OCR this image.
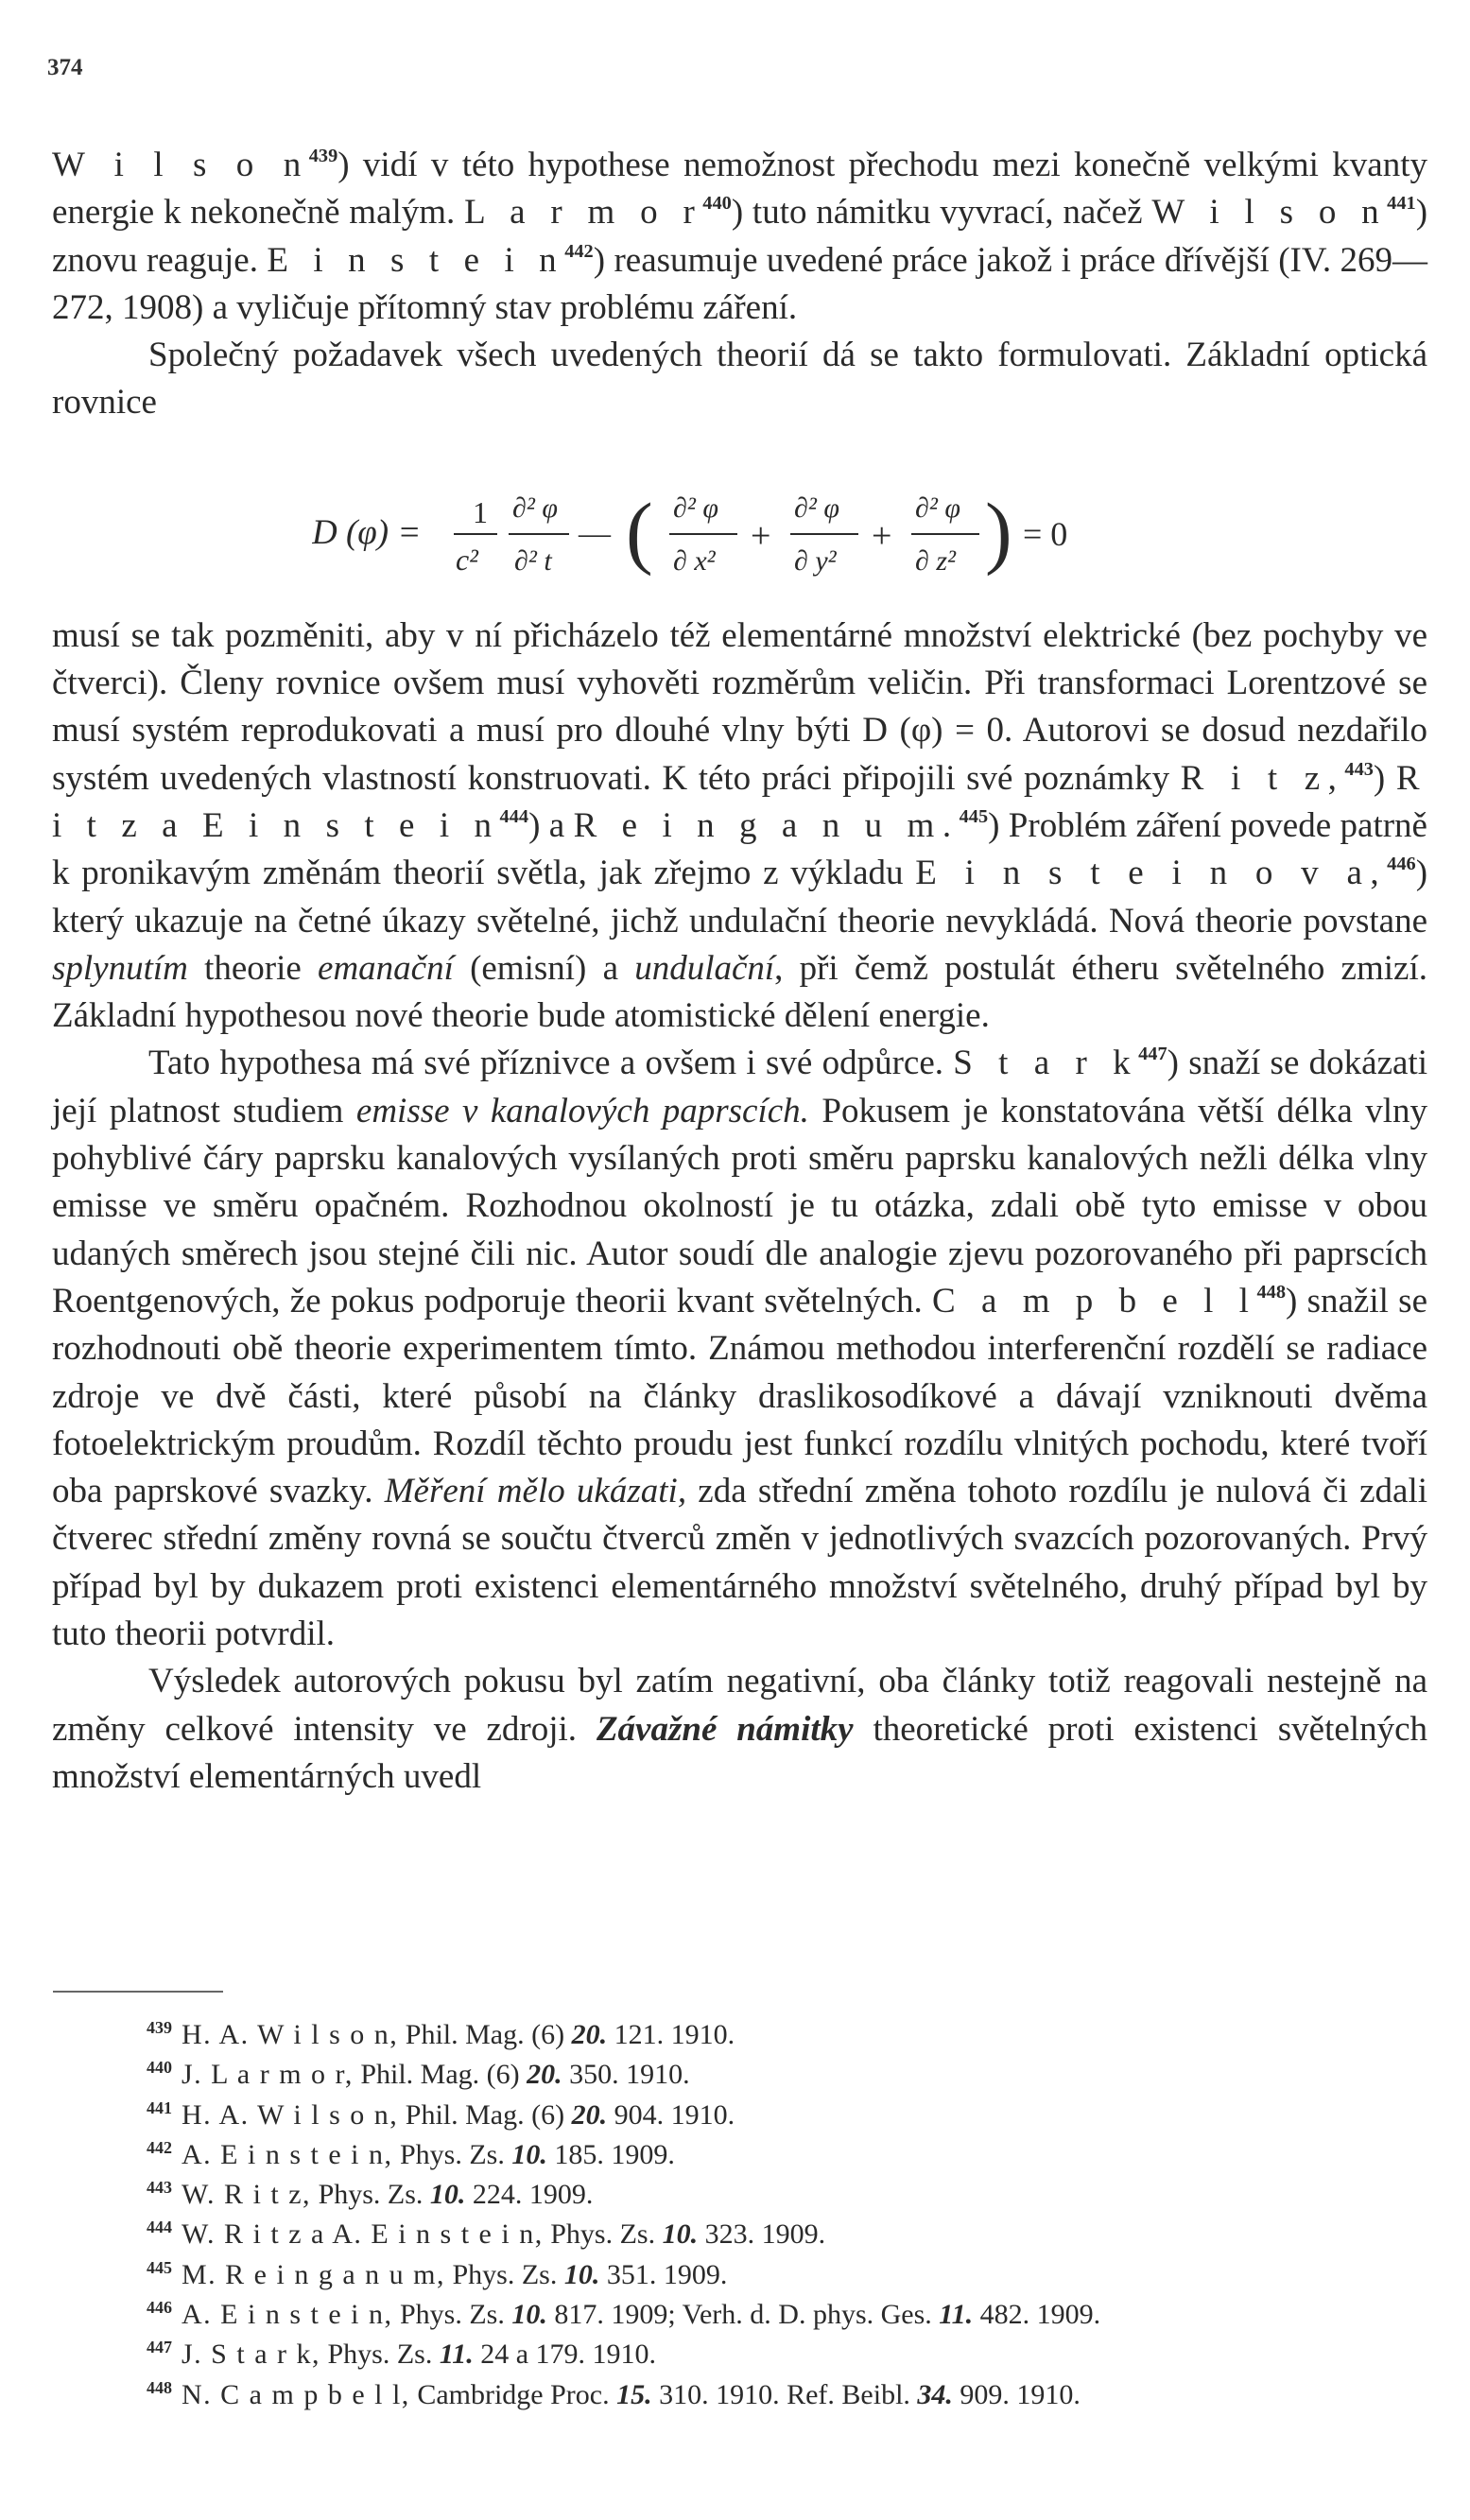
374

W i l s o n$^{439}$) vidí v této hypothese nemožnost přechodu mezi konečně velkými kvanty energie k nekonečně malým. L a r m o r$^{440}$) tuto námitku vyvrací, načež W i l s o n$^{441}$) znovu reaguje. E i n s t e i n$^{442}$) reasumuje uvedené práce jakož i práce dřívější (IV. 269—272, 1908) a vyličuje přítomný stav problému záření.

Společný požadavek všech uvedených theorií dá se takto formulovati. Základní optická rovnice

musí se tak pozměniti, aby v ní přicházelo též elementárné množství elektrické (bez pochyby ve čtverci). Členy rovnice ovšem musí vyhověti rozměrům veličin. Při transformaci Lorentzové se musí systém reprodukovati a musí pro dlouhé vlny býti D (φ) = 0. Autorovi se dosud nezdařilo systém uvedených vlastností konstruovati. K této práci připojili své poznámky R i t z,$^{443}$) R i t z a E i n s t e i n$^{444}$) a R e i n g a n u m.$^{445}$) Problém záření povede patrně k pronikavým změnám theorií světla, jak zřejmo z výkladu E i n s t e i n o v a,$^{446}$) který ukazuje na četné úkazy světelné, jichž undulační theorie nevykládá. Nová theorie povstane splynutím theorie emanační (emisní) a undulační, při čemž postulát étheru světelného zmizí. Základní hypothesou nové theorie bude atomistické dělení energie.

Tato hypothesa má své příznivce a ovšem i své odpůrce. S t a r k$^{447}$) snaží se dokázati její platnost studiem emisse v kanalových paprscích. Pokusem je konstatována větší délka vlny pohyblivé čáry paprsku kanalových vysílaných proti směru paprsku kanalových nežli délka vlny emisse ve směru opačném. Rozhodnou okolností je tu otázka, zdali obě tyto emisse v obou udaných směrech jsou stejné čili nic. Autor soudí dle analogie zjevu pozorovaného při paprscích Roentgenových, že pokus podporuje theorii kvant světelných. C a m p b e l l$^{448}$) snažil se rozhodnouti obě theorie experimentem tímto. Známou methodou interferenční rozdělí se radiace zdroje ve dvě části, které působí na články draslikosodíkové a dávají vzniknouti dvěma fotoelektrickým proudům. Rozdíl těchto proudu jest funkcí rozdílu vlnitých pochodu, které tvoří oba paprskové svazky. Měření mělo ukázati, zda střední změna tohoto rozdílu je nulová či zdali čtverec střední změny rovná se součtu čtverců změn v jednotlivých svazcích pozorovaných. Prvý případ byl by dukazem proti existenci elementárného množství světelného, druhý případ byl by tuto theorii potvrdil.

Výsledek autorových pokusu byl zatím negativní, oba články totiž reagovali nestejně na změny celkové intensity ve zdroji. Závažné námitky theoretické proti existenci světelných množství elementárných uvedl

D (φ) =
1
c²
∂² φ
∂² t
— ( ∂² φ
∂ x²
+
∂² φ
∂ y²
+
∂² φ
∂ z² ) = 0
$^{439}$ H. A. W i l s o n, Phil. Mag. (6) 20. 121. 1910.
$^{440}$ J. L a r m o r, Phil. Mag. (6) 20. 350. 1910.
$^{441}$ H. A. W i l s o n, Phil. Mag. (6) 20. 904. 1910.
$^{442}$ A. E i n s t e i n, Phys. Zs. 10. 185. 1909.
$^{443}$ W. R i t z, Phys. Zs. 10. 224. 1909.
$^{444}$ W. R i t z a A. E i n s t e i n, Phys. Zs. 10. 323. 1909.
$^{445}$ M. R e i n g a n u m, Phys. Zs. 10. 351. 1909.
$^{446}$ A. E i n s t e i n, Phys. Zs. 10. 817. 1909; Verh. d. D. phys. Ges. 11. 482. 1909.
$^{447}$ J. S t a r k, Phys. Zs. 11. 24 a 179. 1910.
$^{448}$ N. C a m p b e l l, Cambridge Proc. 15. 310. 1910. Ref. Beibl. 34. 909. 1910.
